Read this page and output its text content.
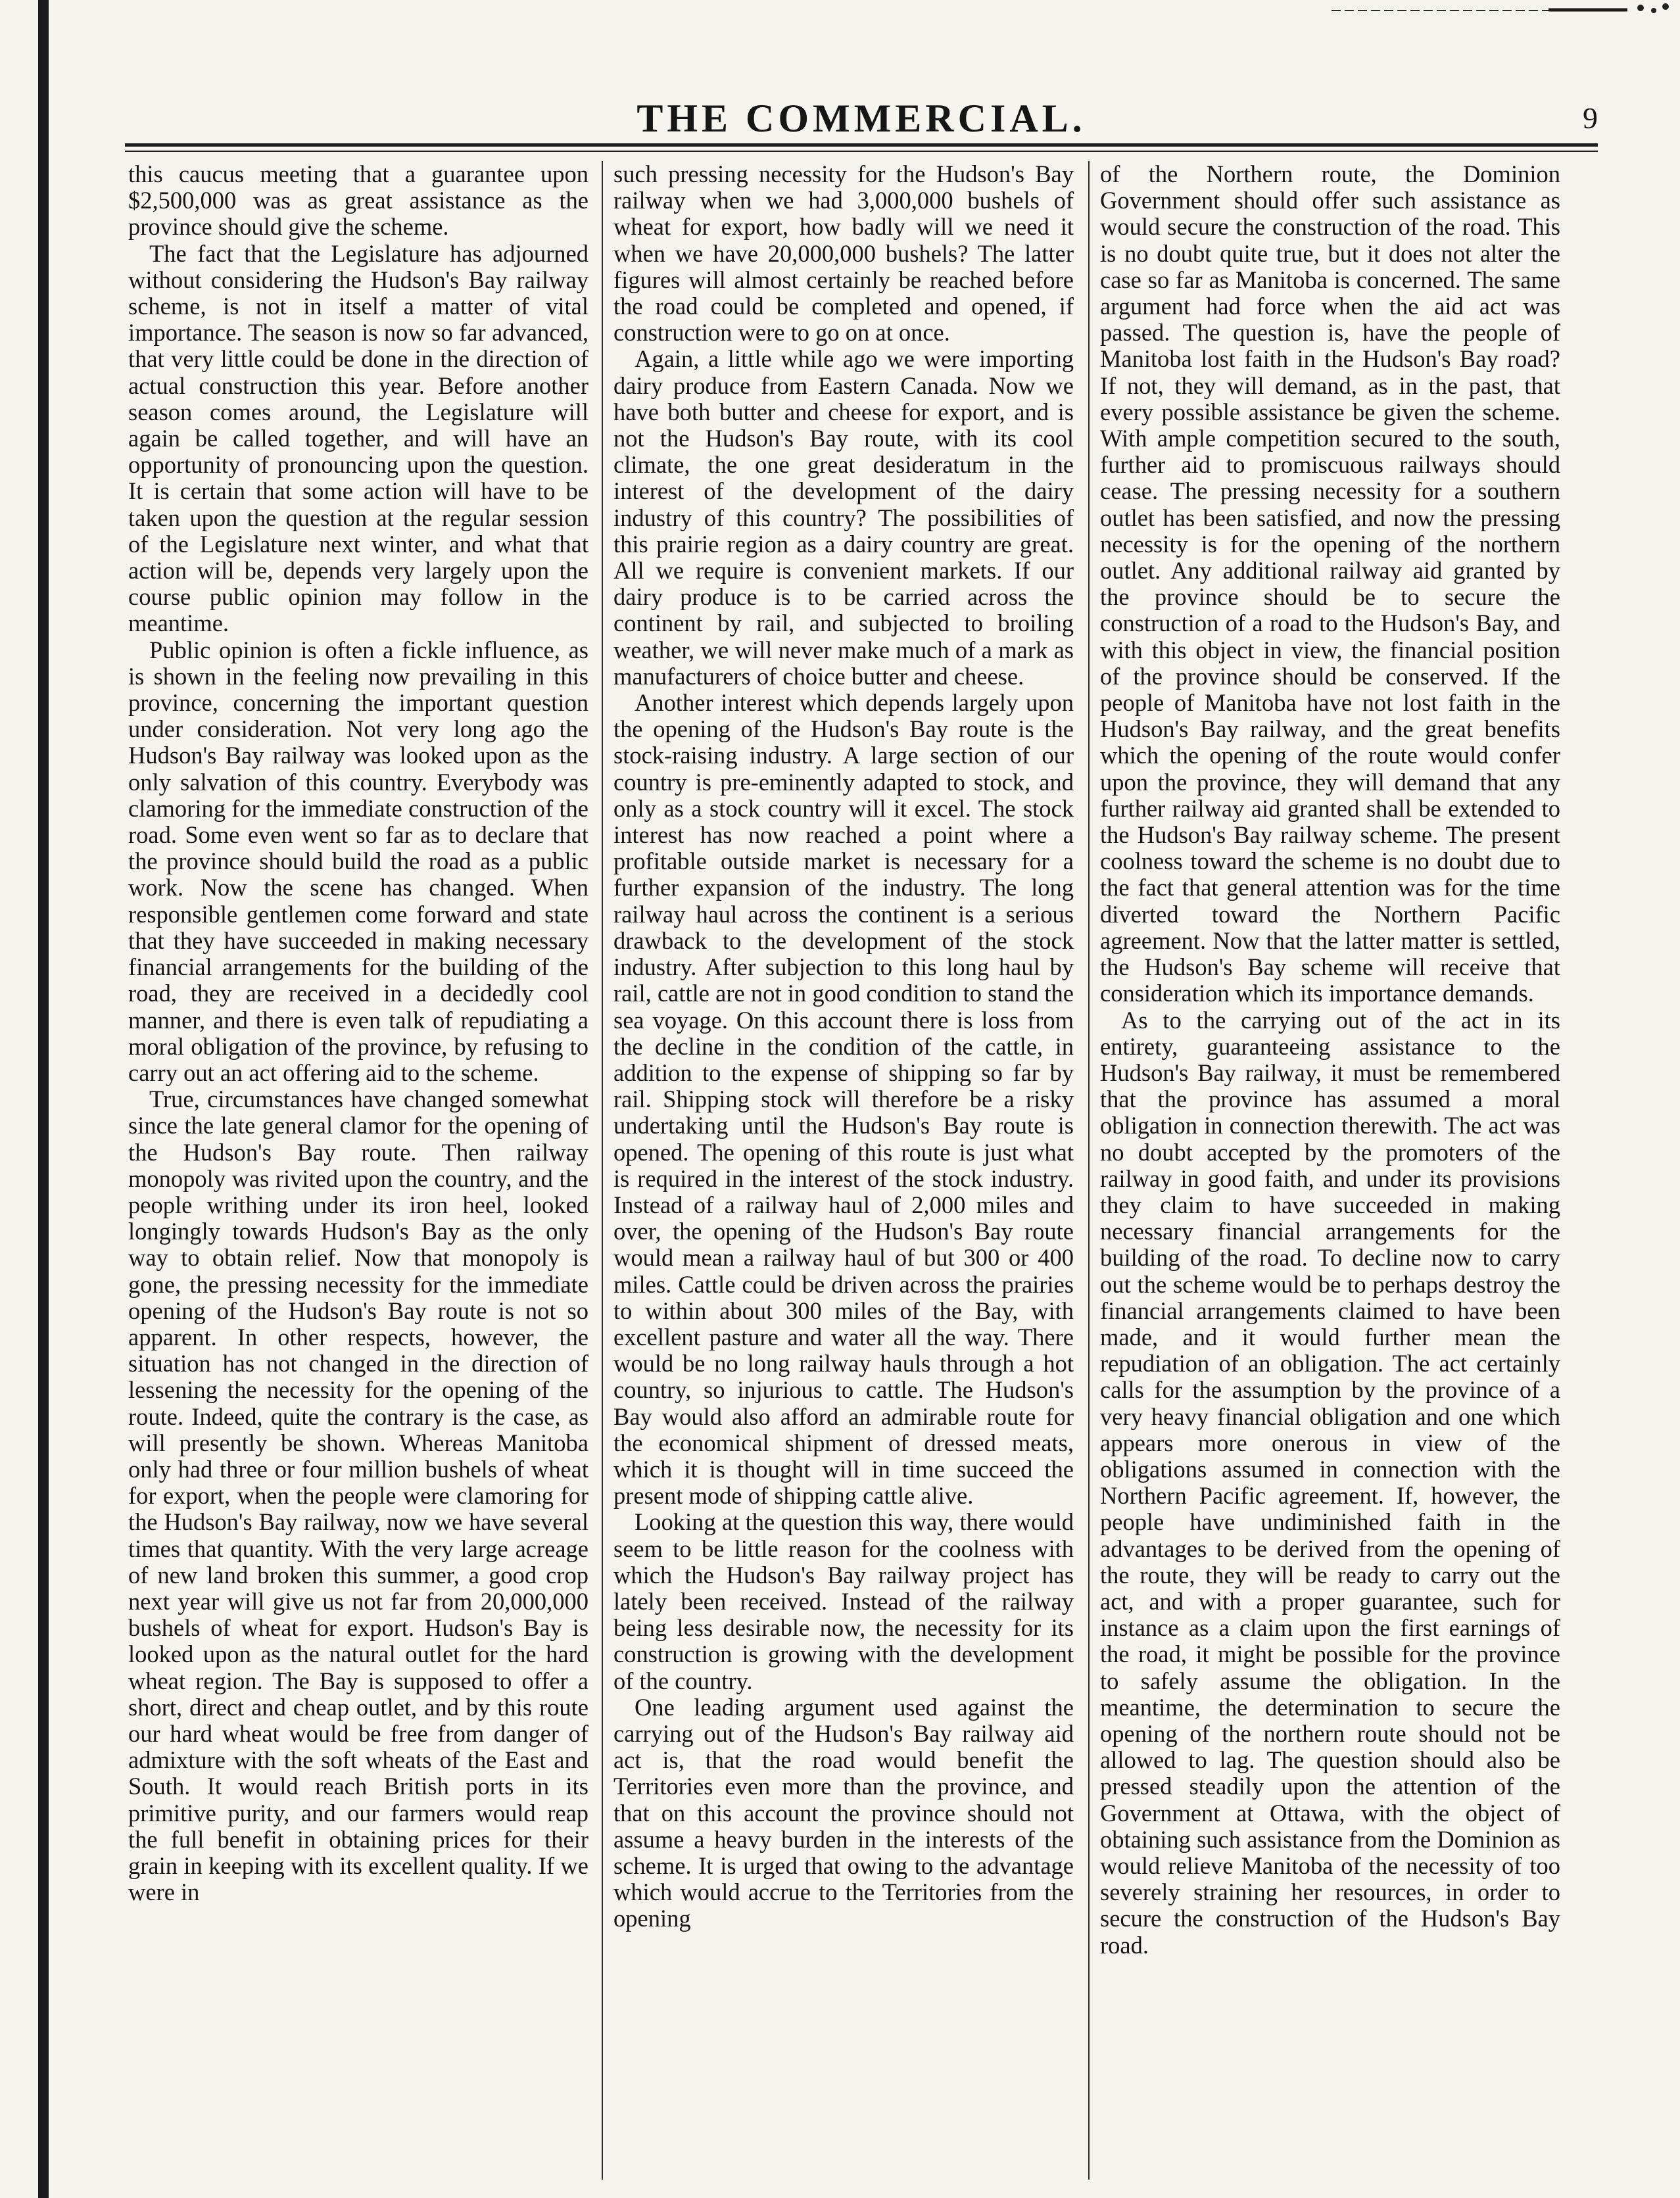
THE COMMERCIAL.	9

this caucus meeting that a guarantee upon $2,500,000 was as great assistance as the province should give the scheme.

The fact that the Legislature has adjourned without considering the Hudson's Bay railway scheme, is not in itself a matter of vital importance. The season is now so far advanced, that very little could be done in the direction of actual construction this year. Before another season comes around, the Legislature will again be called together, and will have an opportunity of pronouncing upon the question. It is certain that some action will have to be taken upon the question at the regular session of the Legislature next winter, and what that action will be, depends very largely upon the course public opinion may follow in the meantime.

Public opinion is often a fickle influence, as is shown in the feeling now prevailing in this province, concerning the important question under consideration. Not very long ago the Hudson's Bay railway was looked upon as the only salvation of this country. Everybody was clamoring for the immediate construction of the road. Some even went so far as to declare that the province should build the road as a public work. Now the scene has changed. When responsible gentlemen come forward and state that they have succeeded in making necessary financial arrangements for the building of the road, they are received in a decidedly cool manner, and there is even talk of repudiating a moral obligation of the province, by refusing to carry out an act offering aid to the scheme.

True, circumstances have changed somewhat since the late general clamor for the opening of the Hudson's Bay route. Then railway monopoly was rivited upon the country, and the people writhing under its iron heel, looked longingly towards Hudson's Bay as the only way to obtain relief. Now that monopoly is gone, the pressing necessity for the immediate opening of the Hudson's Bay route is not so apparent. In other respects, however, the situation has not changed in the direction of lessening the necessity for the opening of the route. Indeed, quite the contrary is the case, as will presently be shown. Whereas Manitoba only had three or four million bushels of wheat for export, when the people were clamoring for the Hudson's Bay railway, now we have several times that quantity. With the very large acreage of new land broken this summer, a good crop next year will give us not far from 20,000,000 bushels of wheat for export. Hudson's Bay is looked upon as the natural outlet for the hard wheat region. The Bay is supposed to offer a short, direct and cheap outlet, and by this route our hard wheat would be free from danger of admixture with the soft wheats of the East and South. It would reach British ports in its primitive purity, and our farmers would reap the full benefit in obtaining prices for their grain in keeping with its excellent quality. If we were in

such pressing necessity for the Hudson's Bay railway when we had 3,000,000 bushels of wheat for export, how badly will we need it when we have 20,000,000 bushels? The latter figures will almost certainly be reached before the road could be completed and opened, if construction were to go on at once.

Again, a little while ago we were importing dairy produce from Eastern Canada. Now we have both butter and cheese for export, and is not the Hudson's Bay route, with its cool climate, the one great desideratum in the interest of the development of the dairy industry of this country? The possibilities of this prairie region as a dairy country are great. All we require is convenient markets. If our dairy produce is to be carried across the continent by rail, and subjected to broiling weather, we will never make much of a mark as manufacturers of choice butter and cheese.

Another interest which depends largely upon the opening of the Hudson's Bay route is the stock-raising industry. A large section of our country is pre-eminently adapted to stock, and only as a stock country will it excel. The stock interest has now reached a point where a profitable outside market is necessary for a further expansion of the industry. The long railway haul across the continent is a serious drawback to the development of the stock industry. After subjection to this long haul by rail, cattle are not in good condition to stand the sea voyage. On this account there is loss from the decline in the condition of the cattle, in addition to the expense of shipping so far by rail. Shipping stock will therefore be a risky undertaking until the Hudson's Bay route is opened. The opening of this route is just what is required in the interest of the stock industry. Instead of a railway haul of 2,000 miles and over, the opening of the Hudson's Bay route would mean a railway haul of but 300 or 400 miles. Cattle could be driven across the prairies to within about 300 miles of the Bay, with excellent pasture and water all the way. There would be no long railway hauls through a hot country, so injurious to cattle. The Hudson's Bay would also afford an admirable route for the economical shipment of dressed meats, which it is thought will in time succeed the present mode of shipping cattle alive.

Looking at the question this way, there would seem to be little reason for the coolness with which the Hudson's Bay railway project has lately been received. Instead of the railway being less desirable now, the necessity for its construction is growing with the development of the country.

One leading argument used against the carrying out of the Hudson's Bay railway aid act is, that the road would benefit the Territories even more than the province, and that on this account the province should not assume a heavy burden in the interests of the scheme. It is urged that owing to the advantage which would accrue to the Territories from the opening

of the Northern route, the Dominion Government should offer such assistance as would secure the construction of the road. This is no doubt quite true, but it does not alter the case so far as Manitoba is concerned. The same argument had force when the aid act was passed. The question is, have the people of Manitoba lost faith in the Hudson's Bay road? If not, they will demand, as in the past, that every possible assistance be given the scheme. With ample competition secured to the south, further aid to promiscuous railways should cease. The pressing necessity for a southern outlet has been satisfied, and now the pressing necessity is for the opening of the northern outlet. Any additional railway aid granted by the province should be to secure the construction of a road to the Hudson's Bay, and with this object in view, the financial position of the province should be conserved. If the people of Manitoba have not lost faith in the Hudson's Bay railway, and the great benefits which the opening of the route would confer upon the province, they will demand that any further railway aid granted shall be extended to the Hudson's Bay railway scheme. The present coolness toward the scheme is no doubt due to the fact that general attention was for the time diverted toward the Northern Pacific agreement. Now that the latter matter is settled, the Hudson's Bay scheme will receive that consideration which its importance demands.

As to the carrying out of the act in its entirety, guaranteeing assistance to the Hudson's Bay railway, it must be remembered that the province has assumed a moral obligation in connection therewith. The act was no doubt accepted by the promoters of the railway in good faith, and under its provisions they claim to have succeeded in making necessary financial arrangements for the building of the road. To decline now to carry out the scheme would be to perhaps destroy the financial arrangements claimed to have been made, and it would further mean the repudiation of an obligation. The act certainly calls for the assumption by the province of a very heavy financial obligation and one which appears more onerous in view of the obligations assumed in connection with the Northern Pacific agreement. If, however, the people have undiminished faith in the advantages to be derived from the opening of the route, they will be ready to carry out the act, and with a proper guarantee, such for instance as a claim upon the first earnings of the road, it might be possible for the province to safely assume the obligation. In the meantime, the determination to secure the opening of the northern route should not be allowed to lag. The question should also be pressed steadily upon the attention of the Government at Ottawa, with the object of obtaining such assistance from the Dominion as would relieve Manitoba of the necessity of too severely straining her resources, in order to secure the construction of the Hudson's Bay road.
